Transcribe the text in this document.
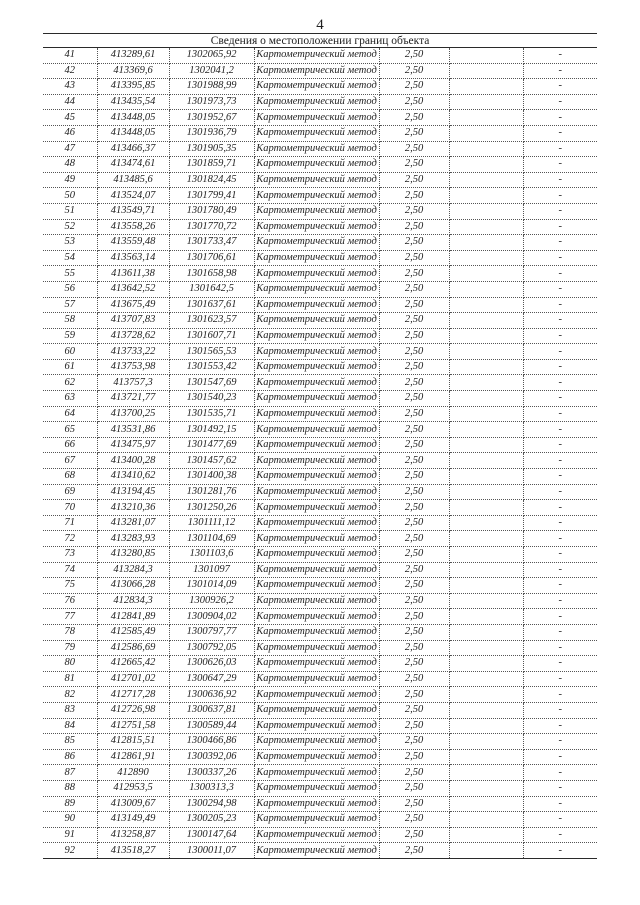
4
Сведения о местоположении границ объекта						
41	413289,61	1302065,92	Картометрический метод	2,50		-
42	413369,6	1302041,2	Картометрический метод	2,50		-
43	413395,85	1301988,99	Картометрический метод	2,50		-
44	413435,54	1301973,73	Картометрический метод	2,50		-
45	413448,05	1301952,67	Картометрический метод	2,50		-
46	413448,05	1301936,79	Картометрический метод	2,50		-
47	413466,37	1301905,35	Картометрический метод	2,50		-
48	413474,61	1301859,71	Картометрический метод	2,50		-
49	413485,6	1301824,45	Картометрический метод	2,50		-
50	413524,07	1301799,41	Картометрический метод	2,50		-
51	413549,71	1301780,49	Картометрический метод	2,50		-
52	413558,26	1301770,72	Картометрический метод	2,50		-
53	413559,48	1301733,47	Картометрический метод	2,50		-
54	413563,14	1301706,61	Картометрический метод	2,50		-
55	413611,38	1301658,98	Картометрический метод	2,50		-
56	413642,52	1301642,5	Картометрический метод	2,50		-
57	413675,49	1301637,61	Картометрический метод	2,50		-
58	413707,83	1301623,57	Картометрический метод	2,50		-
59	413728,62	1301607,71	Картометрический метод	2,50		-
60	413733,22	1301565,53	Картометрический метод	2,50		-
61	413753,98	1301553,42	Картометрический метод	2,50		-
62	413757,3	1301547,69	Картометрический метод	2,50		-
63	413721,77	1301540,23	Картометрический метод	2,50		-
64	413700,25	1301535,71	Картометрический метод	2,50		-
65	413531,86	1301492,15	Картометрический метод	2,50		-
66	413475,97	1301477,69	Картометрический метод	2,50		-
67	413400,28	1301457,62	Картометрический метод	2,50		-
68	413410,62	1301400,38	Картометрический метод	2,50		-
69	413194,45	1301281,76	Картометрический метод	2,50		-
70	413210,36	1301250,26	Картометрический метод	2,50		-
71	413281,07	1301111,12	Картометрический метод	2,50		-
72	413283,93	1301104,69	Картометрический метод	2,50		-
73	413280,85	1301103,6	Картометрический метод	2,50		-
74	413284,3	1301097	Картометрический метод	2,50		-
75	413066,28	1301014,09	Картометрический метод	2,50		-
76	412834,3	1300926,2	Картометрический метод	2,50		-
77	412841,89	1300904,02	Картометрический метод	2,50		-
78	412585,49	1300797,77	Картометрический метод	2,50		-
79	412586,69	1300792,05	Картометрический метод	2,50		-
80	412665,42	1300626,03	Картометрический метод	2,50		-
81	412701,02	1300647,29	Картометрический метод	2,50		-
82	412717,28	1300636,92	Картометрический метод	2,50		-
83	412726,98	1300637,81	Картометрический метод	2,50		-
84	412751,58	1300589,44	Картометрический метод	2,50		-
85	412815,51	1300466,86	Картометрический метод	2,50		-
86	412861,91	1300392,06	Картометрический метод	2,50		-
87	412890	1300337,26	Картометрический метод	2,50		-
88	412953,5	1300313,3	Картометрический метод	2,50		-
89	413009,67	1300294,98	Картометрический метод	2,50		-
90	413149,49	1300205,23	Картометрический метод	2,50		-
91	413258,87	1300147,64	Картометрический метод	2,50		-
92	413518,27	1300011,07	Картометрический метод	2,50		-
